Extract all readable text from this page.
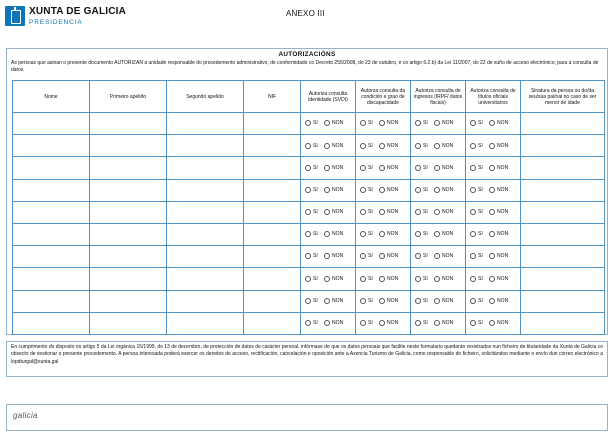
XUNTA DE GALICIA
PRESIDENCIA
ANEXO III
AUTORIZACIÓNS
As persoas que asinan o presente documento AUTORIZAN a unidade responsable do procedemento administrativo, de conformidade co Decreto 255/2008, do 23 de outubro, e co artigo 6.2.b) da Lei 11/2007, do 22 de xuño de acceso electrónico, para a consulta de datos.
Nome	Primeiro apelido	Segundo apelido	NIF	Autoriza consulta identidade (SVDI)	Autorza consulta da condición e grao de discapacidade	Autoriza consulta de ingresos (IRPF/ datos fiscais)	Autoriza consulta de títulos oficiais universitarios	Sinatura da persoa ou do/da seu/súa pai/nai no caso de ser menor de idade
				SI NON	SI NON	SI NON	SI NON	
				SI NON	SI NON	SI NON	SI NON	
				SI NON	SI NON	SI NON	SI NON	
				SI NON	SI NON	SI NON	SI NON	
				SI NON	SI NON	SI NON	SI NON	
				SI NON	SI NON	SI NON	SI NON	
				SI NON	SI NON	SI NON	SI NON	
				SI NON	SI NON	SI NON	SI NON	
				SI NON	SI NON	SI NON	SI NON	
				SI NON	SI NON	SI NON	SI NON	
En cumprimento do disposto no artigo 5 da Lei orgánica 15/1999, do 13 de decembro, de protección de datos de carácter persoal, infórmase de que os datos persoais que facilite neste formulario quedarán rexistrados nun ficheiro de titularidade da Xunta de Galicia co obxecto de xestionar o presente procedemento. A persoa interesada poderá exercer os dereitos de acceso, rectificación, cancelación e oposición ante a Axencia Turismo de Galicia, como responsable do ficheiro, solicitándoo mediante o envío dun correo electrónico a lopdturgal@xunta.gal
galicia
